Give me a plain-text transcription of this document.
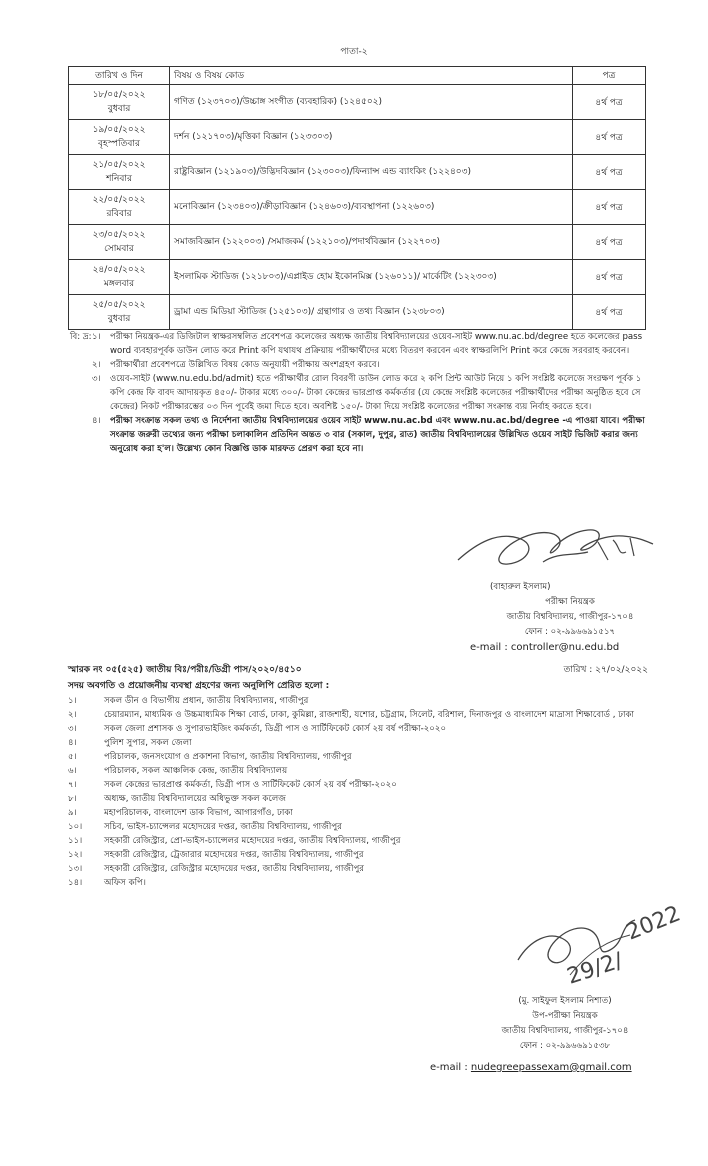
পাতা-২
তারিখ ও দিন	বিষয় ও বিষয় কোড	পত্র

১৮/০৫/২০২২
বুধবার	গণিত (১২৩৭০৩)/উচ্চাঙ্গ সংগীত (ব্যবহারিক) (১২৪৫০২)	৪র্থ পত্র

১৯/০৫/২০২২
বৃহস্পতিবার	দর্শন (১২১৭০৩)/মৃত্তিকা বিজ্ঞান (১২৩৩০৩)	৪র্থ পত্র

২১/০৫/২০২২
শনিবার	রাষ্ট্রবিজ্ঞান (১২১৯০৩)/উদ্ভিদবিজ্ঞান (১২৩০০৩)/ফিন্যান্স এন্ড ব্যাংকিং (১২২৪০৩)	৪র্থ পত্র

২২/০৫/২০২২
রবিবার	মনোবিজ্ঞান (১২৩৪০৩)/ক্রীড়াবিজ্ঞান (১২৪৬০৩)/ব্যবস্থাপনা (১২২৬০৩)	৪র্থ পত্র

২৩/০৫/২০২২
সোমবার	সমাজবিজ্ঞান (১২২০০৩) /সমাজকর্ম (১২২১০৩)/পদার্থবিজ্ঞান (১২২৭০৩)	৪র্থ পত্র

২৪/০৫/২০২২
মঙ্গলবার	ইসলামিক স্টাডিজ (১২১৮০৩)/এপ্লাইড হোম ইকোনমিক্স (১২৬০১১)/ মার্কেটিং (১২২৩০৩)	৪র্থ পত্র

২৫/০৫/২০২২
বুধবার	ড্রামা এন্ড মিডিয়া স্টাডিজ (১২৫১০৩)/ গ্রন্থাগার ও তথ্য বিজ্ঞান (১২৩৮০৩)	৪র্থ পত্র
বি: দ্র: ১।	পরীক্ষা নিয়ন্ত্রক-এর ডিজিটাল স্বাক্ষরসম্বলিত প্রবেশপত্র কলেজের অধ্যক্ষ জাতীয় বিশ্ববিদ্যালয়ের ওয়েব-সাইট www.nu.ac.bd/degree হতে কলেজের pass word ব্যবহারপূর্বক ডাউন লোড করে Print কপি যথাযথ প্রক্রিয়ায় পরীক্ষার্থীদের মধ্যে বিতরণ করবেন এবং স্বাক্ষরলিপি Print করে কেন্দ্রে সরবরাহ করবেন।
২।	পরীক্ষার্থীরা প্রবেশপত্রে উল্লিখিত বিষয় কোড অনুযায়ী পরীক্ষায় অংশগ্রহণ করবে।
৩।	ওয়েব-সাইট (www.nu.edu.bd/admit) হতে পরীক্ষার্থীর রোল বিবরণী ডাউন লোড করে ২ কপি প্রিন্ট আউট নিয়ে ১ কপি সংশ্লিষ্ট কলেজে সংরক্ষণ পূর্বক ১ কপি কেন্দ্র ফি বাবদ আদায়কৃত ৪৫০/- টাকার মধ্যে ৩০০/- টাকা কেন্দ্রের ভারপ্রাপ্ত কর্মকর্তার (যে কেন্দ্রে সংশ্লিষ্ট কলেজের পরীক্ষার্থীদের পরীক্ষা অনুষ্ঠিত হবে সে কেন্দ্রের) নিকট পরীক্ষারম্ভের ০৩ দিন পূর্বেই জমা দিতে হবে। অবশিষ্ট ১৫০/- টাকা দিয়ে সংশ্লিষ্ট কলেজের পরীক্ষা সংক্রান্ত ব্যয় নির্বাহ করতে হবে।
৪।	পরীক্ষা সংক্রান্ত সকল তথ্য ও নির্দেশনা জাতীয় বিশ্ববিদ্যালয়ের ওয়েব সাইট www.nu.ac.bd এবং www.nu.ac.bd/degree -এ পাওয়া যাবে। পরীক্ষা সংক্রান্ত জরুরী তথ্যের জন্য পরীক্ষা চলাকালিন প্রতিদিন অন্তত ৩ বার (সকাল, দুপুর, রাত) জাতীয় বিশ্ববিদ্যালয়ের উল্লিখিত ওয়েব সাইট ভিজিট করার জন্য অনুরোধ করা হ'ল। উল্লেখ্য কোন বিজ্ঞপ্তি ডাক মারফত প্রেরণ করা হবে না।
(বাহারুল ইসলাম)
পরীক্ষা নিয়ন্ত্রক
জাতীয় বিশ্ববিদ্যালয়, গাজীপুর-১৭০৪
ফোন : ০২-৯৯৬৬৯১৫১৭
e-mail : controller@nu.edu.bd
স্মারক নং ০৫(৫২৫) জাতীয় বিঃ/পরীঃ/ডিগ্রী পাস/২০২০/৪৫১০	তারিখ : ২৭/০২/২০২২
সদয় অবগতি ও প্রয়োজনীয় ব্যবস্থা গ্রহণের জন্য অনুলিপি প্রেরিত হলো :
১।	সকল ডীন ও বিভাগীয় প্রধান, জাতীয় বিশ্ববিদ্যালয়, গাজীপুর
২।	চেয়ারম্যান, মাধ্যমিক ও উচ্চমাধ্যমিক শিক্ষা বোর্ড, ঢাকা, কুমিল্লা, রাজশাহী, যশোর, চট্টগ্রাম, সিলেট, বরিশাল, দিনাজপুর ও বাংলাদেশ মাদ্রাসা শিক্ষাবোর্ড , ঢাকা
৩।	সকল জেলা প্রশাসক ও সুপারভাইজিং কর্মকর্তা, ডিগ্রী পাস ও সার্টিফিকেট কোর্স ২য় বর্ষ পরীক্ষা-২০২০
৪।	পুলিশ সুপার, সকল জেলা
৫।	পরিচালক, জনসংযোগ ও প্রকাশনা বিভাগ, জাতীয় বিশ্ববিদ্যালয়, গাজীপুর
৬।	পরিচালক, সকল আঞ্চলিক কেন্দ্র, জাতীয় বিশ্ববিদ্যালয়
৭।	সকল কেন্দ্রের ভারপ্রাপ্ত কর্মকর্তা, ডিগ্রী পাস ও সার্টিফিকেট কোর্স ২য় বর্ষ পরীক্ষা-২০২০
৮।	অধ্যক্ষ, জাতীয় বিশ্ববিদ্যালয়ের অধিভুক্ত সকল কলেজ
৯।	মহাপরিচালক, বাংলাদেশ ডাক বিভাগ, আগারগাঁও, ঢাকা
১০।	সচিব, ভাইস-চ্যান্সেলর মহোদয়ের দপ্তর, জাতীয় বিশ্ববিদ্যালয়, গাজীপুর
১১।	সহকারী রেজিস্ট্রার, প্রো-ভাইস-চ্যান্সেলর মহোদয়ের দপ্তর, জাতীয় বিশ্ববিদ্যালয়, গাজীপুর
১২।	সহকারী রেজিস্ট্রার, ট্রেজারার মহোদয়ের দপ্তর, জাতীয় বিশ্ববিদ্যালয়, গাজীপুর
১৩।	সহকারী রেজিস্ট্রার, রেজিস্ট্রার মহোদয়ের দপ্তর, জাতীয় বিশ্ববিদ্যালয়, গাজীপুর
১৪।	অফিস কপি।
2022
29/2/
(মু. সাইফুল ইসলাম নিশাত)
উপ-পরীক্ষা নিয়ন্ত্রক
জাতীয় বিশ্ববিদ্যালয়, গাজীপুর-১৭০৪
ফোন : ০২-৯৯৬৬৯১৫৩৮
e-mail : nudegreepassexam@gmail.com
